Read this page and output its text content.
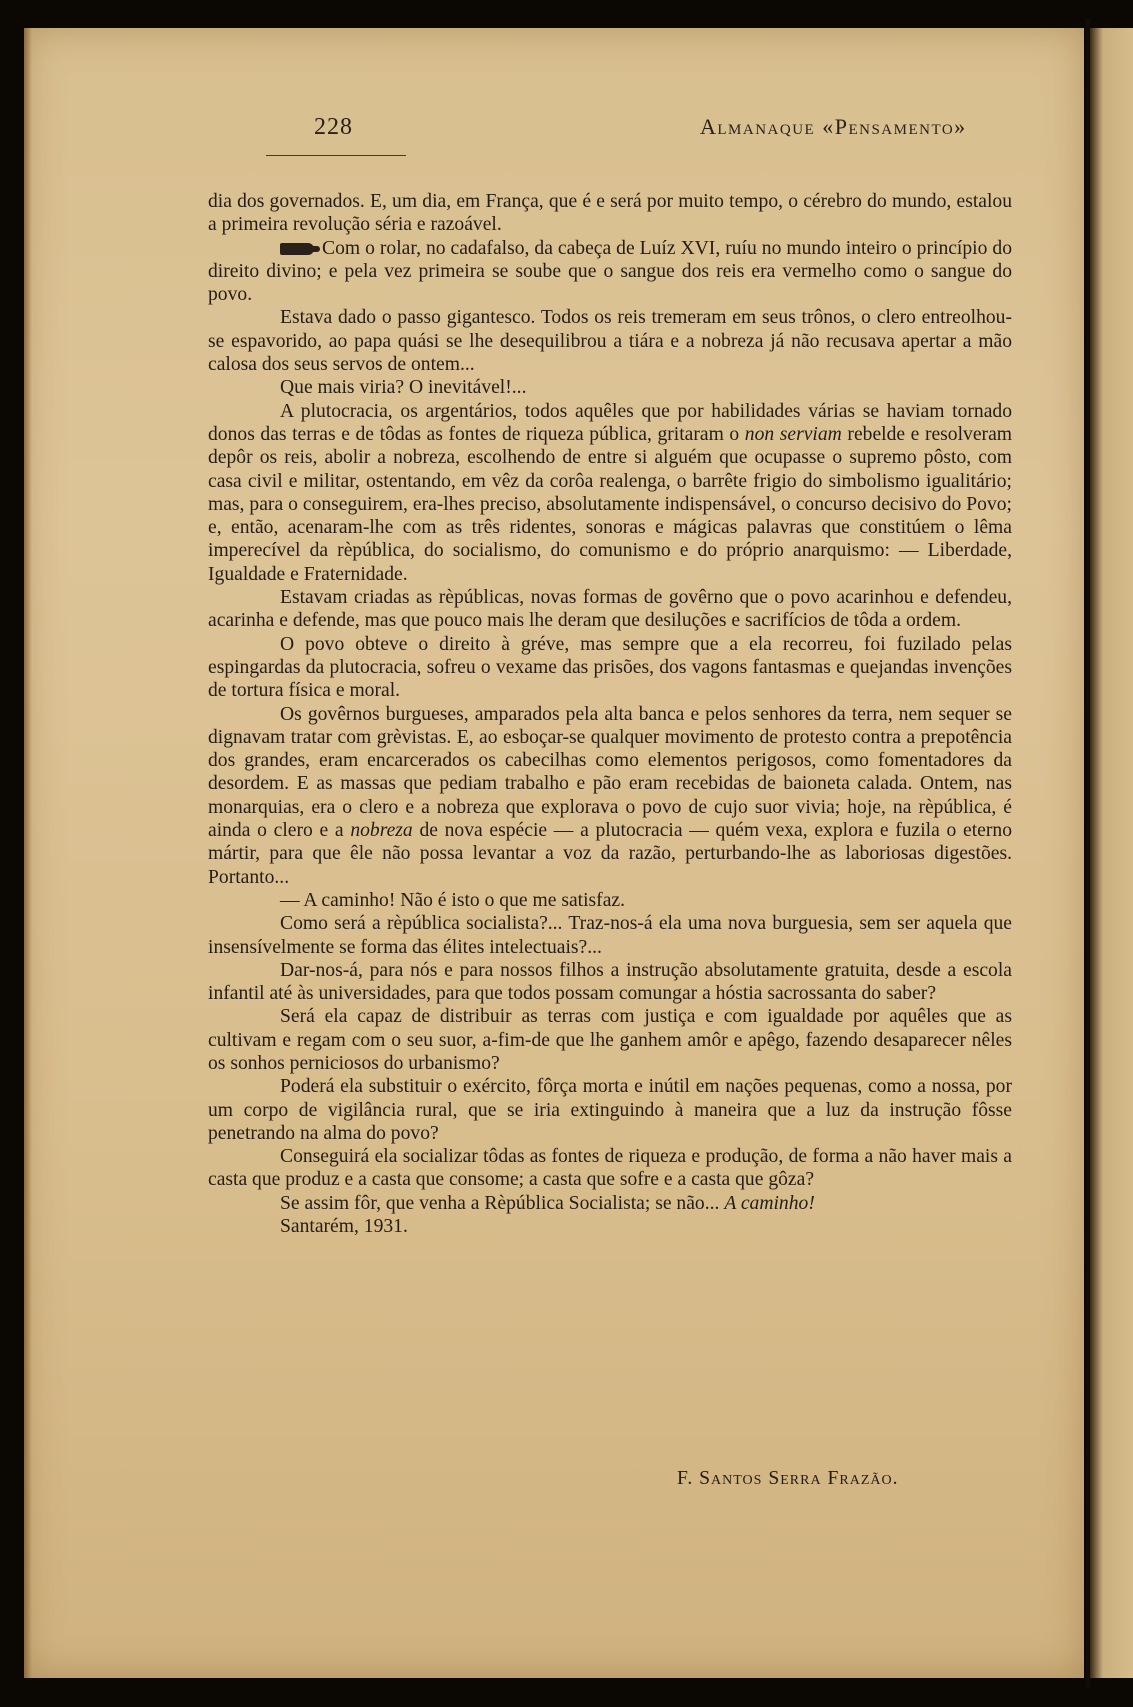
228	Almanaque «Pensamento»

dia dos governados. E, um dia, em França, que é e será por muito tempo, o cérebro do mundo, estalou a primeira revolução séria e razoável.

Com o rolar, no cadafalso, da cabeça de Luíz XVI, ruíu no mundo inteiro o princípio do direito divino; e pela vez primeira se soube que o sangue dos reis era vermelho como o sangue do povo.

Estava dado o passo gigantesco. Todos os reis tremeram em seus trônos, o clero entreolhou-se espavorido, ao papa quási se lhe desequilibrou a tiára e a nobreza já não recusava apertar a mão calosa dos seus servos de ontem...

Que mais viria? O inevitável!...

A plutocracia, os argentários, todos aquêles que por habilidades várias se haviam tornado donos das terras e de tôdas as fontes de riqueza pública, gritaram o non serviam rebelde e resolveram depôr os reis, abolir a nobreza, escolhendo de entre si alguém que ocupasse o supremo pôsto, com casa civil e militar, ostentando, em vêz da corôa realenga, o barrête frigio do simbolismo igualitário; mas, para o conseguirem, era-lhes preciso, absolutamente indispensável, o concurso decisivo do Povo; e, então, acenaram-lhe com as três ridentes, sonoras e mágicas palavras que constitúem o lêma imperecível da rèpública, do socialismo, do comunismo e do próprio anarquismo: — Liberdade, Igualdade e Fraternidade.

Estavam criadas as rèpúblicas, novas formas de govêrno que o povo acarinhou e defendeu, acarinha e defende, mas que pouco mais lhe deram que desiluções e sacrifícios de tôda a ordem.

O povo obteve o direito à gréve, mas sempre que a ela recorreu, foi fuzilado pelas espingardas da plutocracia, sofreu o vexame das prisões, dos vagons fantasmas e quejandas invenções de tortura física e moral.

Os govêrnos burgueses, amparados pela alta banca e pelos senhores da terra, nem sequer se dignavam tratar com grèvistas. E, ao esboçar-se qualquer movimento de protesto contra a prepotência dos grandes, eram encarcerados os cabecilhas como elementos perigosos, como fomentadores da desordem. E as massas que pediam trabalho e pão eram recebidas de baioneta calada. Ontem, nas monarquias, era o clero e a nobreza que explorava o povo de cujo suor vivia; hoje, na rèpública, é ainda o clero e a nobreza de nova espécie — a plutocracia — quém vexa, explora e fuzila o eterno mártir, para que êle não possa levantar a voz da razão, perturbando-lhe as laboriosas digestões. Portanto...

— A caminho! Não é isto o que me satisfaz.

Como será a rèpública socialista?... Traz-nos-á ela uma nova burguesia, sem ser aquela que insensívelmente se forma das élites intelectuais?...

Dar-nos-á, para nós e para nossos filhos a instrução absolutamente gratuita, desde a escola infantil até às universidades, para que todos possam comungar a hóstia sacrossanta do saber?

Será ela capaz de distribuir as terras com justiça e com igualdade por aquêles que as cultivam e regam com o seu suor, a-fim-de que lhe ganhem amôr e apêgo, fazendo desaparecer nêles os sonhos perniciosos do urbanismo?

Poderá ela substituir o exército, fôrça morta e inútil em nações pequenas, como a nossa, por um corpo de vigilância rural, que se iria extinguindo à maneira que a luz da instrução fôsse penetrando na alma do povo?

Conseguirá ela socializar tôdas as fontes de riqueza e produção, de forma a não haver mais a casta que produz e a casta que consome; a casta que sofre e a casta que gôza?

Se assim fôr, que venha a Rèpública Socialista; se não... A caminho!

Santarém, 1931.

F. Santos Serra Frazão.
